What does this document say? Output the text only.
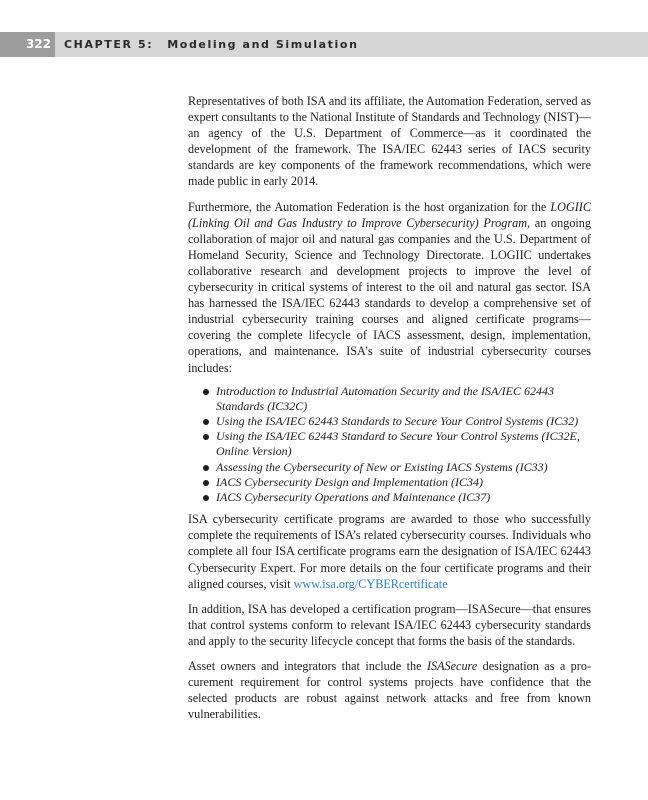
322	CHAPTER 5: Modeling and Simulation

Representatives of both ISA and its affiliate, the Automation Federation, served as expert consultants to the National Institute of Standards and Technology (NIST)—an agency of the U.S. Department of Commerce—as it coordinated the development of the framework. The ISA/IEC 62443 series of IACS security standards are key components of the framework recommendations, which were made public in early 2014.

Furthermore, the Automation Federation is the host organization for the LOGIIC (Linking Oil and Gas Industry to Improve Cybersecurity) Program, an ongoing collaboration of major oil and natural gas companies and the U.S. Department of Homeland Security, Science and Technology Directorate. LOGIIC undertakes collaborative research and development projects to improve the level of cybersecurity in critical systems of interest to the oil and natural gas sector. ISA has harnessed the ISA/IEC 62443 standards to develop a comprehensive set of industrial cybersecurity training courses and aligned certificate programs—covering the complete lifecycle of IACS assessment, design, implementation, operations, and maintenance. ISA’s suite of industrial cybersecurity courses includes:

Introduction to Industrial Automation Security and the ISA/IEC 62443 Standards (IC32C)
Using the ISA/IEC 62443 Standards to Secure Your Control Systems (IC32)
Using the ISA/IEC 62443 Standard to Secure Your Control Systems (IC32E, Online Version)
Assessing the Cybersecurity of New or Existing IACS Systems (IC33)
IACS Cybersecurity Design and Implementation (IC34)
IACS Cybersecurity Operations and Maintenance (IC37)

ISA cybersecurity certificate programs are awarded to those who successfully complete the requirements of ISA’s related cybersecurity courses. Individuals who complete all four ISA certificate programs earn the designation of ISA/IEC 62443 Cybersecurity Expert. For more details on the four certificate programs and their aligned courses, visit www.isa.org/CYBERcertificate

In addition, ISA has developed a certification program—ISASecure—that ensures that control systems conform to relevant ISA/IEC 62443 cybersecurity standards and apply to the security lifecycle concept that forms the basis of the standards.

Asset owners and integrators that include the ISASecure designation as a procurement requirement for control systems projects have confidence that the selected products are robust against network attacks and free from known vulnerabilities.
